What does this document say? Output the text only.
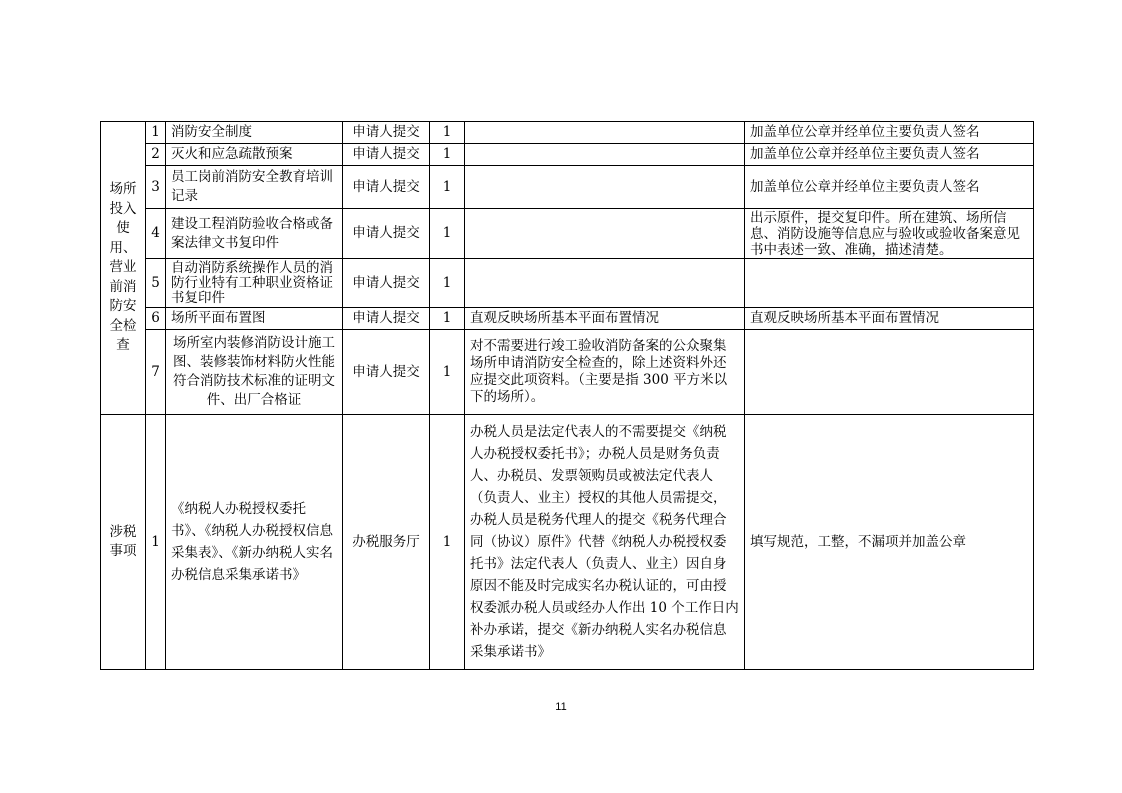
场所投入使用、营业前消防安全检查	1	消防安全制度	申请人提交	1		加盖单位公章并经单位主要负责人签名
	2	灭火和应急疏散预案	申请人提交	1		加盖单位公章并经单位主要负责人签名
	3	员工岗前消防安全教育培训记录	申请人提交	1		加盖单位公章并经单位主要负责人签名
	4	建设工程消防验收合格或备案法律文书复印件	申请人提交	1		出示原件，提交复印件。所在建筑、场所信息、消防设施等信息应与验收或验收备案意见书中表述一致、准确，描述清楚。
	5	自动消防系统操作人员的消防行业特有工种职业资格证书复印件	申请人提交	1		
	6	场所平面布置图	申请人提交	1	直观反映场所基本平面布置情况	直观反映场所基本平面布置情况
	7	场所室内装修消防设计施工图、装修装饰材料防火性能符合消防技术标准的证明文件、出厂合格证	申请人提交	1	对不需要进行竣工验收消防备案的公众聚集场所申请消防安全检查的，除上述资料外还应提交此项资料。（主要是指 300 平方米以下的场所）。	
涉税事项	1	《纳税人办税授权委托书》、《纳税人办税授权信息采集表》、《新办纳税人实名办税信息采集承诺书》	办税服务厅	1	办税人员是法定代表人的不需要提交《纳税人办税授权委托书》；办税人员是财务负责人、办税员、发票领购员或被法定代表人（负责人、业主）授权的其他人员需提交，办税人员是税务代理人的提交《税务代理合同（协议）原件》代替《纳税人办税授权委托书》法定代表人（负责人、业主）因自身原因不能及时完成实名办税认证的，可由授权委派办税人员或经办人作出 10 个工作日内补办承诺，提交《新办纳税人实名办税信息采集承诺书》	填写规范，工整，不漏项并加盖公章
11
